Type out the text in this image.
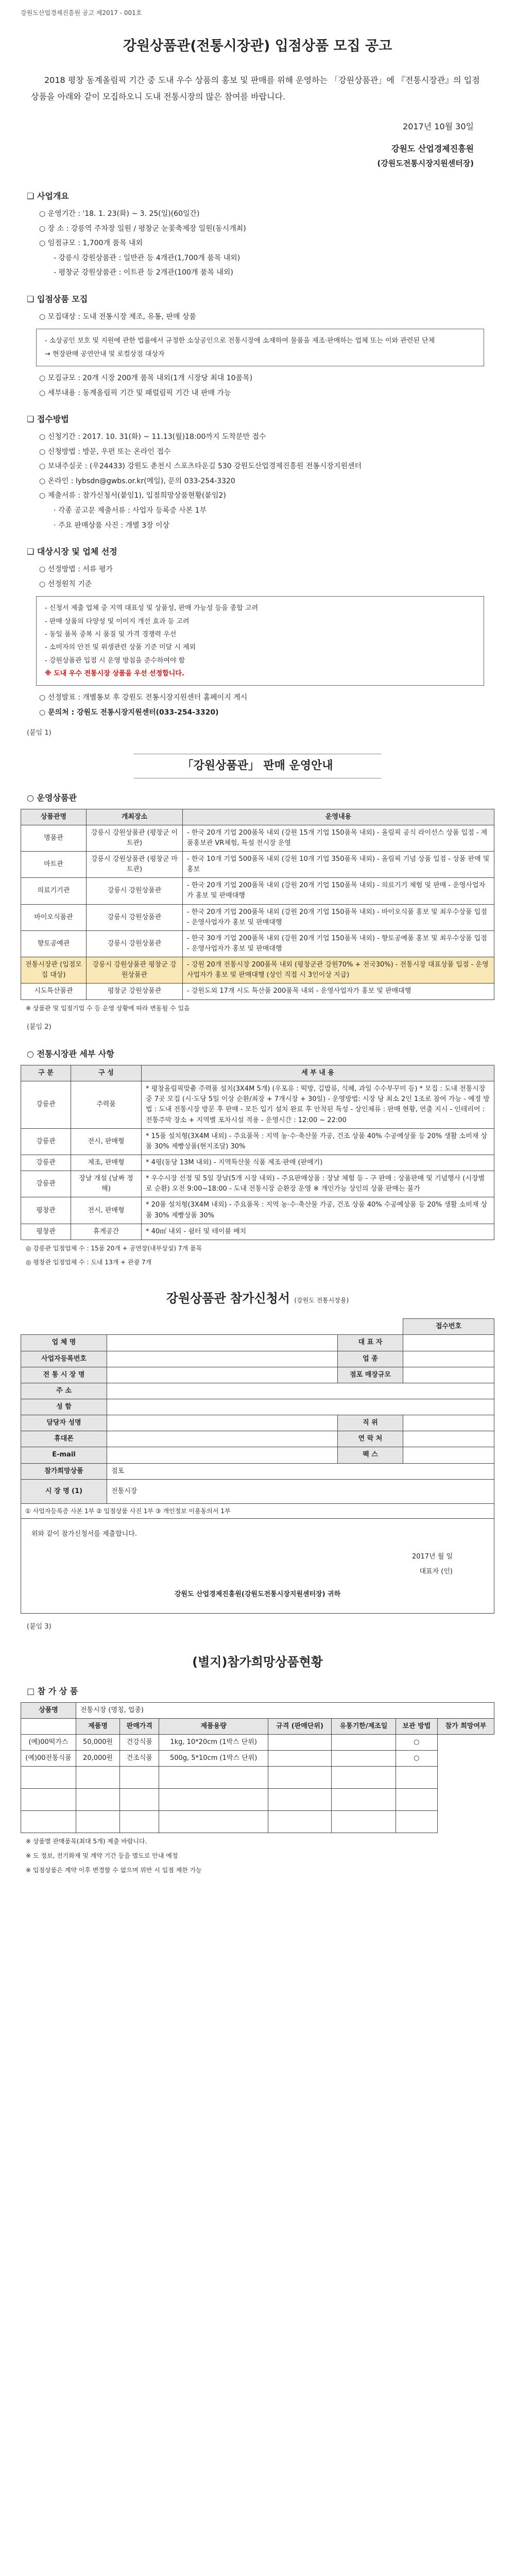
강원도산업경제진흥원 공고 제2017 - 001호
강원상품관(전통시장관) 입점상품 모집 공고
2018 평창 동계올림픽 기간 중 도내 우수 상품의 홍보 및 판매를 위해 운영하는 「강원상품관」에 『전통시장관』의 입점상품을 아래와 같이 모집하오니 도내 전통시장의 많은 참여를 바랍니다.
2017년 10월 30일
강원도 산업경제진흥원
(강원도전통시장지원센터장)
❏ 사업개요
○ 운영기간 : '18. 1. 23(화) ~ 3. 25(일)(60일간)
○ 장 소 : 강릉역 주차장 일원 / 평창군 눈꽃축제장 일원(동시개최)
○ 임점규모 : 1,700개 품목 내외
- 강릉시 강원상품관 : 일반관 등 4개관(1,700개 품목 내외)
- 평창군 강원상품관 : 이트관 등 2개관(100개 품목 내외)
❏ 입점상품 모집
○ 모집대상 : 도내 전통시장 제조, 유통, 판매 상품

- 소상공인 보호 및 지원에 관한 법률에서 규정한 소상공인으로 전통시장에 소재하여 물품을 제조·판매하는 업체 또는 이와 관련된 단체

→ 현장판매 공연안내 및 로컬상점 대상자

○ 모집규모 : 20개 시장 200개 품목 내외(1개 시장당 최대 10품목)
○ 세부내용 : 동계올림픽 기간 및 패럴림픽 기간 내 판매 가능
❏ 접수방법
○ 신청기간 : 2017. 10. 31(화) ~ 11.13(월)18:00까지 도착분만 접수
○ 신청방법 : 방문, 우편 또는 온라인 접수
○ 보내주실곳 : (우24433) 강원도 춘천시 스포츠타운길 530 강원도산업경제진흥원 전통시장지원센터
○ 온라인 : lybsdn@gwbs.or.kr(메일), 문의 033-254-3320
○ 제출서류 : 참가신청서(붙임1), 입점희망상품현황(붙임2)
· 각종 공고문 제출서류 : 사업자 등록증 사본 1부
· 주요 판매상품 사진 : 개별 3장 이상
❏ 대상시장 및 업체 선정
○ 선정방법 : 서류 평가
○ 선정원칙 기준

- 신청서 제출 업체 중 지역 대표성 및 상품성, 판매 가능성 등을 종합 고려

- 판매 상품의 다양성 및 이미지 개선 효과 등 고려

- 동일 품목 중복 시 품질 및 가격 경쟁력 우선

- 소비자의 안전 및 위생관련 상품 기준 미달 시 제외

- 강원상품관 입점 시 운영 방침을 준수하여야 함

※ 도내 우수 전통시장 상품을 우선 선정합니다.

○ 선정발표 : 개별통보 후 강원도 전통시장지원센터 홈페이지 게시
○ 문의처 : 강원도 전통시장지원센터(033-254-3320)
(붙임 1)
「강원상품관」 판매 운영안내
○ 운영상품관
상품관명	개최장소	운영내용
명품관	강릉시 강원상품관 (평창군 이트관)	- 한국 20개 기업 200품목 내외 (강원 15개 기업 150품목 내외) - 올림픽 공식 라이선스 상품 입점 - 제품홍보관 VR체험, 특설 전시장 운영
마트관	강릉시 강원상품관 (평창군 마트관)	- 한국 10개 기업 500품목 내외 (강원 10개 기업 350품목 내외) - 올림픽 기념 상품 입점 - 상품 판매 및 홍보
의료기기관	강릉시 강원상품관	- 한국 20개 기업 200품목 내외 (강원 20개 기업 150품목 내외) - 의료기기 체험 및 판매 - 운영사업자가 홍보 및 판매대행
바이오식품관	강릉시 강원상품관	- 한국 20개 기업 200품목 내외 (강원 20개 기업 150품목 내외) - 바이오식품 홍보 및 최우수상품 입점 - 운영사업자가 홍보 및 판매대행
향토공예관	강릉시 강원상품관	- 한국 30개 기업 200품목 내외 (강원 20개 기업 150품목 내외) - 향토공예품 홍보 및 최우수상품 입점 - 운영사업자가 홍보 및 판매대행
전통시장관 (입점모집 대상)	강릉시 강원상품관 평창군 강원상품관	- 강원 20개 전통시장 200품목 내외 (평창군관 강원70% + 전국30%) - 전통시장 대표상품 입점 - 운영사업자가 홍보 및 판매대행 (상인 직접 시 3인이상 지급)
시도특산품관	평창군 강원상품관	- 강원도외 17개 시도 특산품 200품목 내외 - 운영사업자가 홍보 및 판매대행
※ 상품관 및 입점기업 수 등 운영 상황에 따라 변동될 수 있음
(붙임 2)
○ 전통시장관 세부 사항
구 분	구 성	세 부 내 용
강릉관	주력품	* 평창올림픽맞춤 주력품 설치(3X4M 5개) (우포유 : 떡방, 김밥류, 식혜, 과일 수수부꾸미 등) * 모집 : 도내 전통시장 중 7곳 모집 (시·도당 5일 이상 순환/최장 + 7개시장 + 30일) - 운영방법: 시장 당 최소 2인 1조로 참여 가능 - 예정 방법 : 도내 전통시장 방문 후 판매 - 모든 입기 설치 완료 후 안착된 특성 - 상인체류 : 판매 현황, 연출 지시 - 인테리어 : 전통주막 장소 + 지역별 포차시설 적용 - 운영시간 : 12:00 ~ 22:00
강릉관	전시, 판매형	* 15품 설치형(3X4M 내외) - 주요품목 : 지역 농·수·축산물 가공, 건조 상품 40% 수공예상품 등 20% 생활 소비재 상품 30% 제빵상품(현지조달) 30%
강릉관	제조, 판매형	* 4평(동당 13M 내외) - 지역특산물 식품 제조·판매 (판매기)
강릉관	장날 개설 (날짜 정해)	* 우수시장 선정 및 5일 장날(5개 시장 내외) - 주요판매상품 : 장날 체험 등 - 구 판매 : 상품판매 및 기념행사 (시장별로 순환) 오전 9:00~18:00 - 도내 전통시장 순환장 운영 ※ 개인가능 상인의 상품 판매는 불가
평창관	전시, 판매형	* 20품 설치형(3X4M 내외) - 주요품목 : 지역 농·수·축산물 가공, 건조 상품 40% 수공예상품 등 20% 생활 소비재 상품 30% 제빵상품 30%
평창관	휴게공간	* 40㎡ 내외 - 쉼터 및 테이블 배치
◎ 강릉관 입점업체 수 : 15품 20개 + 공연장(내부상설) 7개 품목
◎ 평창관 입점업체 수 : 도내 13개 + 관광 7개
강원상품관 참가신청서 (강원도 전통시장용)
			접수번호
업 체 명		대 표 자	
사업자등록번호		업 종	
전 통 시 장 명		점포 매장규모	
주 소			
성 함			
담당자 성명		직 위	
휴대폰		연 락 처	
E-mail		팩 스	
참가희망상품	점포		
시 장 명 (1)	전통시장		
① 사업자등록증 사본 1부 ② 입점상품 사진 1부 ③ 개인정보 이용동의서 1부			

위와 같이 참가신청서를 제출합니다.
2017년 월 일
대표자 (인)
강원도 산업경제진흥원(강원도전통시장지원센터장) 귀하			
(붙임 3)
(별지)참가희망상품현황
□ 참 가 상 품
상품명	전통시장 (명칭, 업종)						
	제품명	판매가격	제품용량	규격 (판매단위)	유통기한/제조일	보관 방법	참가 희망여부
(예)00떡가스	50,000원	건강식품	1kg, 10*20cm (1박스 단위)			○	
(예)00전통식품	20,000원	건조식품	500g, 5*10cm (1박스 단위)			○	

※ 상품별 판매품목(최대 5개) 제출 바랍니다.
※ 도 정보, 전기화재 및 계약 기간 등을 별도로 안내 예정
※ 입점상품은 계약 이후 변경할 수 없으며 위반 시 입점 제한 가능
